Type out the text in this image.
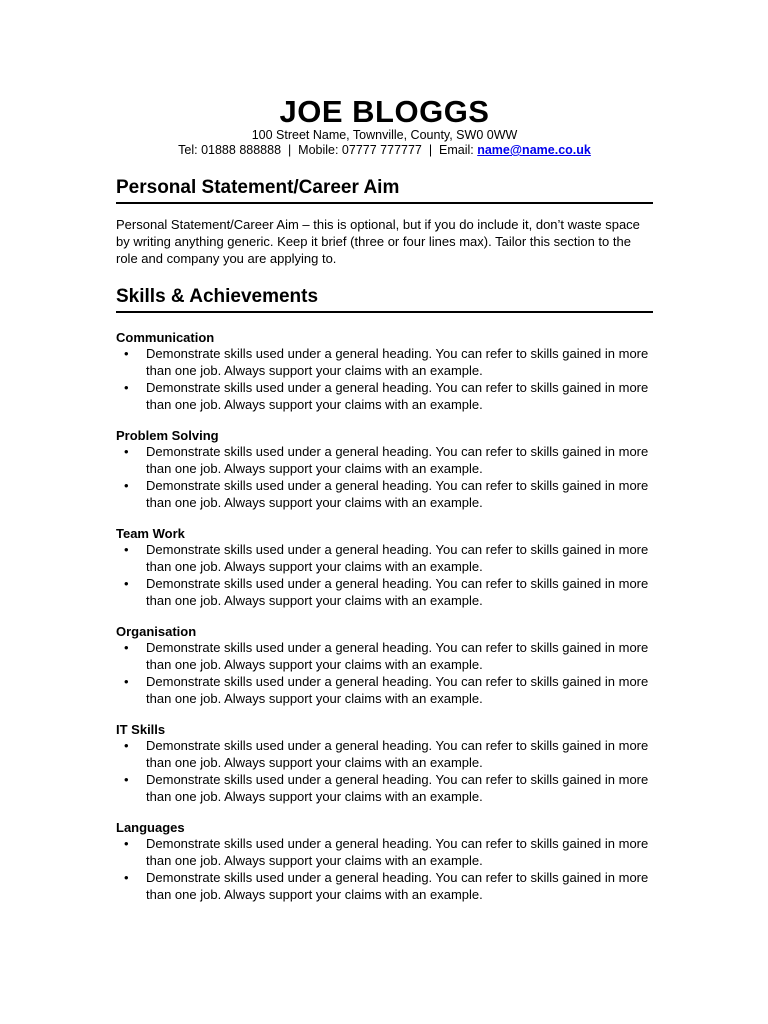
JOE BLOGGS

100 Street Name, Townville, County, SW0 0WW

Tel: 01888 888888  |  Mobile: 07777 777777  |  Email: name@name.co.uk

Personal Statement/Career Aim

Personal Statement/Career Aim – this is optional, but if you do include it, don’t waste space by writing anything generic. Keep it brief (three or four lines max). Tailor this section to the role and company you are applying to.

Skills & Achievements

Communication

• Demonstrate skills used under a general heading. You can refer to skills gained in more than one job. Always support your claims with an example.
• Demonstrate skills used under a general heading. You can refer to skills gained in more than one job. Always support your claims with an example.

Problem Solving

• Demonstrate skills used under a general heading. You can refer to skills gained in more than one job. Always support your claims with an example.
• Demonstrate skills used under a general heading. You can refer to skills gained in more than one job. Always support your claims with an example.

Team Work

• Demonstrate skills used under a general heading. You can refer to skills gained in more than one job. Always support your claims with an example.
• Demonstrate skills used under a general heading. You can refer to skills gained in more than one job. Always support your claims with an example.

Organisation

• Demonstrate skills used under a general heading. You can refer to skills gained in more than one job. Always support your claims with an example.
• Demonstrate skills used under a general heading. You can refer to skills gained in more than one job. Always support your claims with an example.

IT Skills

• Demonstrate skills used under a general heading. You can refer to skills gained in more than one job. Always support your claims with an example.
• Demonstrate skills used under a general heading. You can refer to skills gained in more than one job. Always support your claims with an example.

Languages

• Demonstrate skills used under a general heading. You can refer to skills gained in more than one job. Always support your claims with an example.
• Demonstrate skills used under a general heading. You can refer to skills gained in more than one job. Always support your claims with an example.
